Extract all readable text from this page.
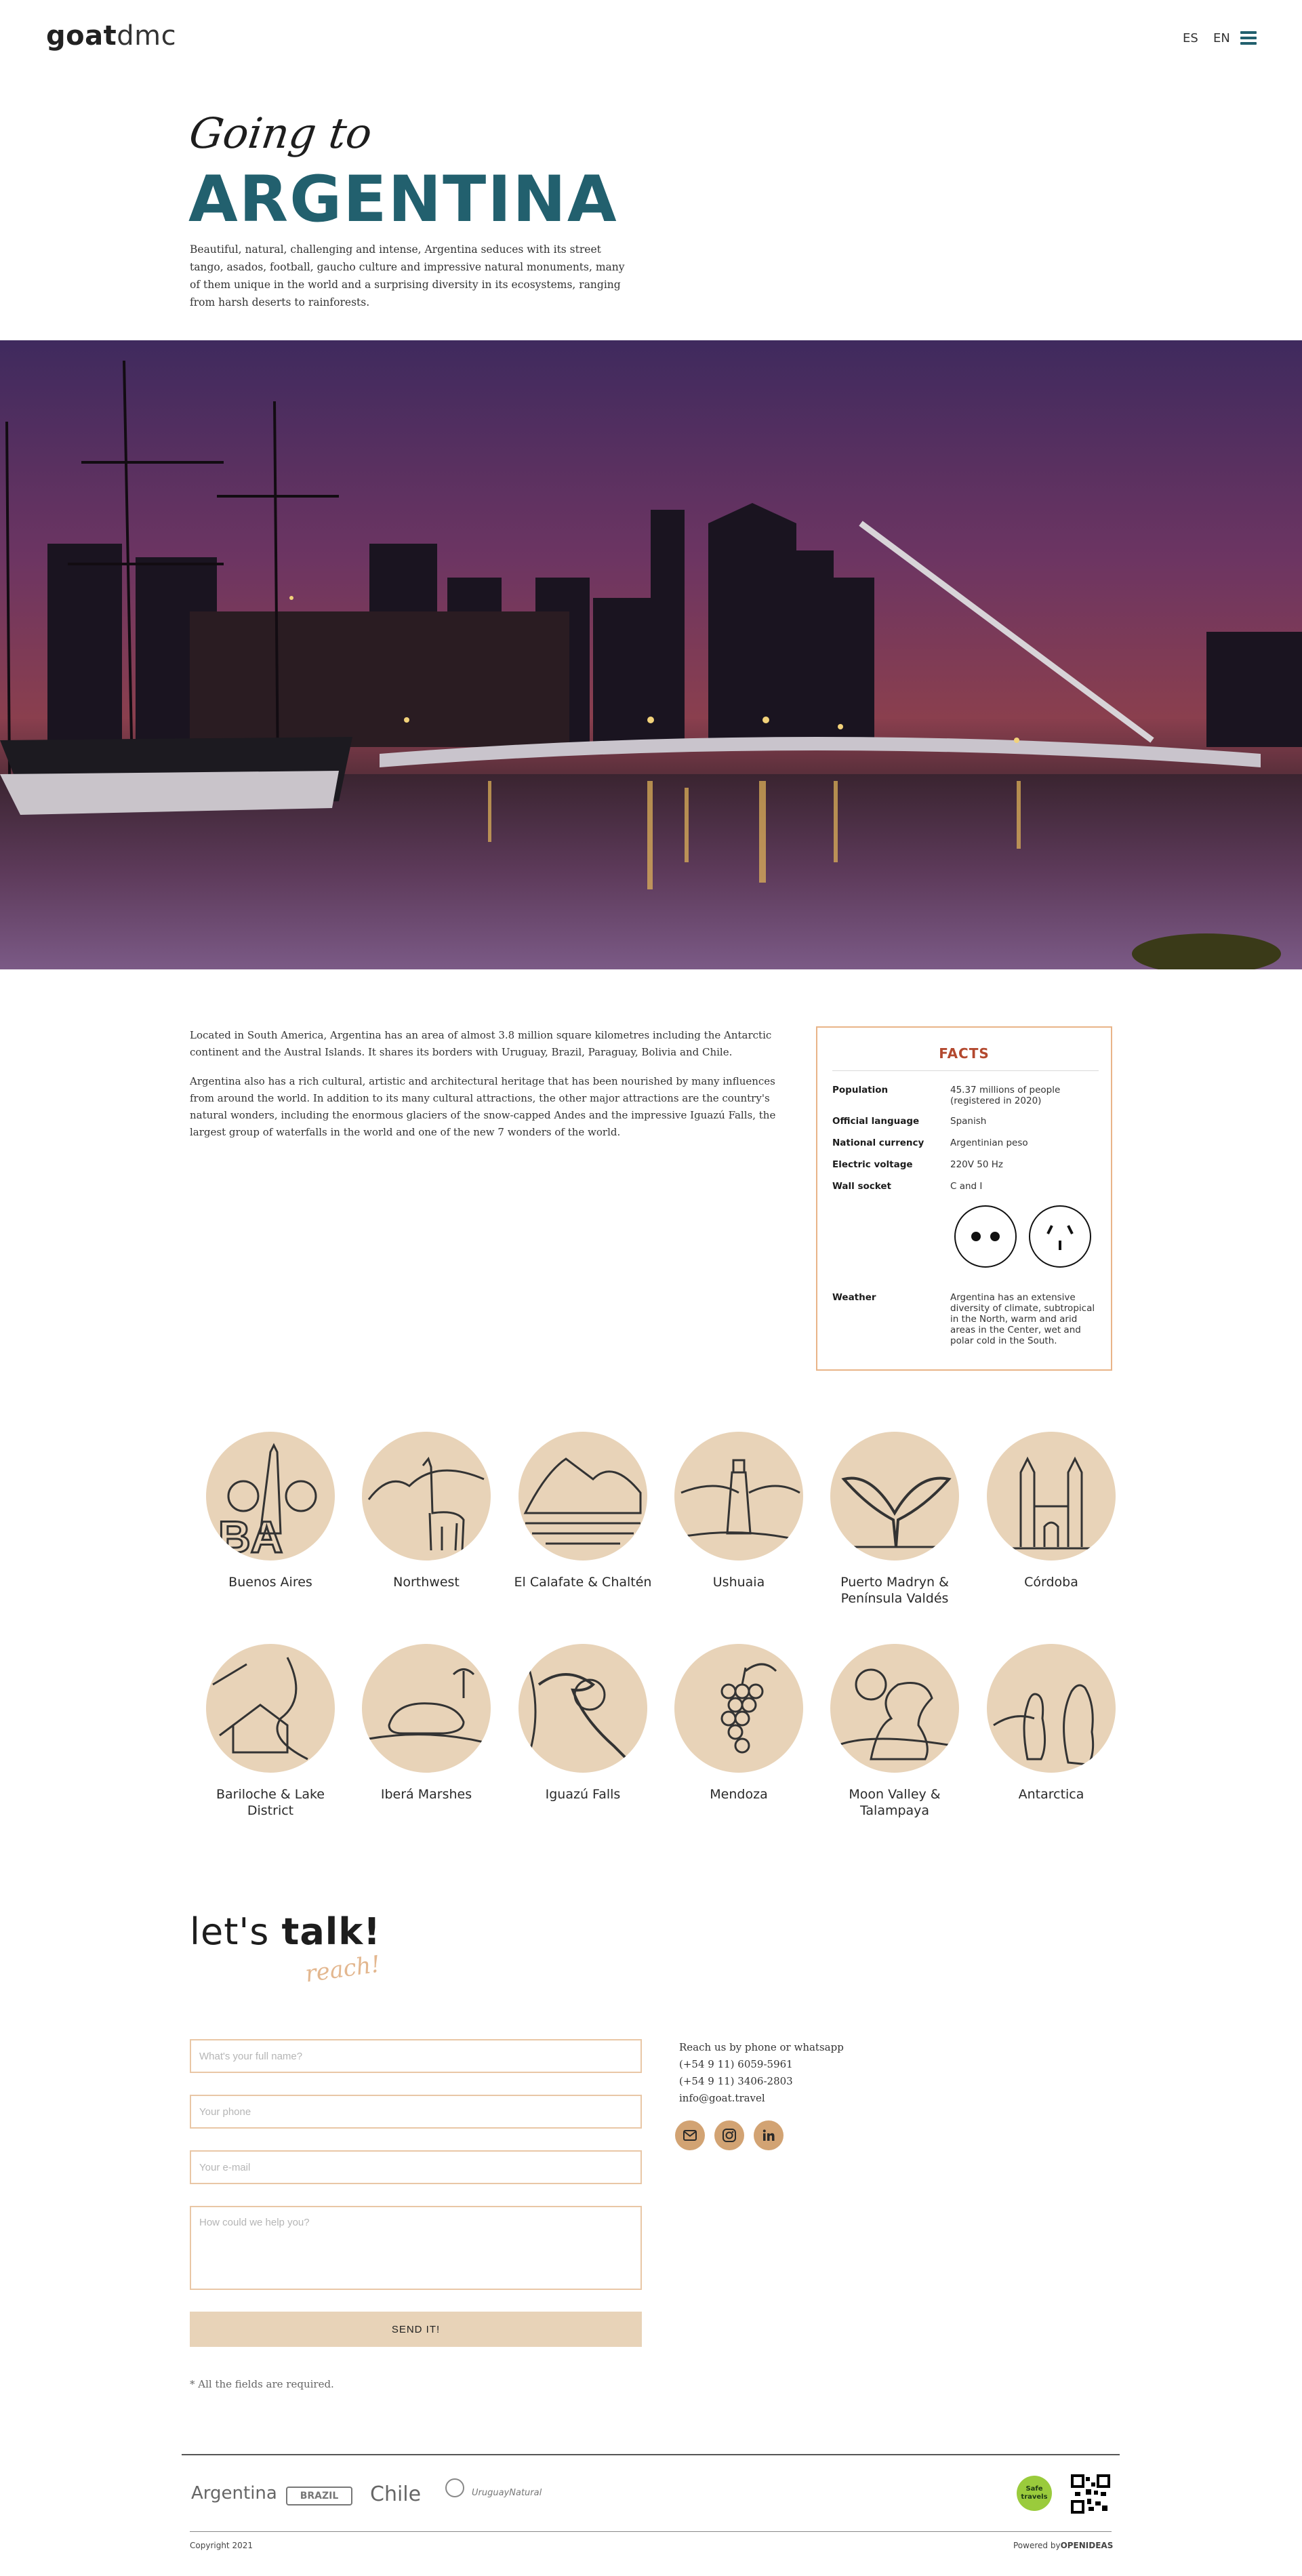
goatdmc	ES EN
Going to
ARGENTINA
Beautiful, natural, challenging and intense, Argentina seduces with its street tango, asados, football, gaucho culture and impressive natural monuments, many of them unique in the world and a surprising diversity in its ecosystems, ranging from harsh deserts to rainforests.

Located in South America, Argentina has an area of almost 3.8 million square kilometres including the Antarctic continent and the Austral Islands. It shares its borders with Uruguay, Brazil, Paraguay, Bolivia and Chile.

Argentina also has a rich cultural, artistic and architectural heritage that has been nourished by many influences from around the world. In addition to its many cultural attractions, the other major attractions are the country's natural wonders, including the enormous glaciers of the snow-capped Andes and the impressive Iguazú Falls, the largest group of waterfalls in the world and one of the new 7 wonders of the world.

FACTS
Population	45.37 millions of people (registered in 2020)
Official language	Spanish
National currency	Argentinian peso
Electric voltage	220V 50 Hz
Wall socket	C and I
Weather	Argentina has an extensive diversity of climate, subtropical in the North, warm and arid areas in the Center, wet and polar cold in the South.
BA
Buenos Aires	Northwest	El Calafate & Chaltén	Ushuaia	Puerto Madryn & Península Valdés
Córdoba
Bariloche & Lake District
Iberá Marshes	Iguazú Falls	Mendoza	Moon Valley & Talampaya
Antarctica
let's talk!
reach!
What's your full name?
Your phone
Your e-mail
How could we help you?
SEND IT!
* All the fields are required.
Reach us by phone or whatsapp
(+54 9 11) 6059-5961
(+54 9 11) 3406-2803
info@goat.travel
Argentina	BRAZIL	Chile	UruguayNatural	Safe travels
Copyright 2021	Powered byOPENIDEAS
